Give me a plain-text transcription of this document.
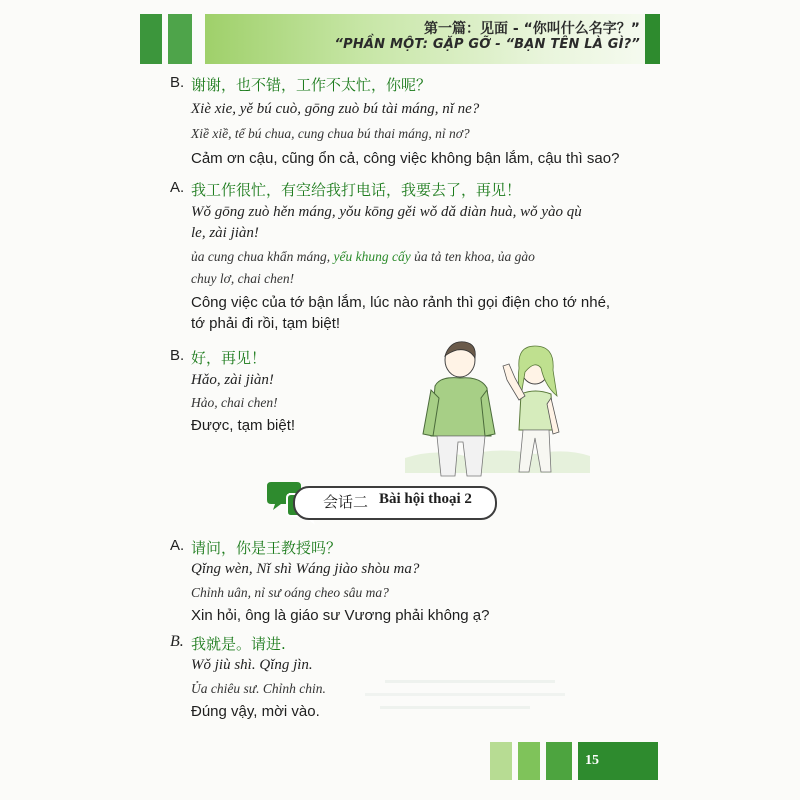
第一篇：见面 - “你叫什么名字？”
“PHẦN MỘT: GẶP GỠ - “BẠN TÊN LÀ GÌ?”
B. 谢谢，也不错，工作不太忙，你呢？
Xiè xie, yě bú cuò, gōng zuò bú tài máng, nǐ ne?
Xiề xiề, tể bú chua, cung chua bú thai máng, nỉ nơ?
Cảm ơn cậu, cũng ổn cả, công việc không bận lắm, cậu thì sao?
A. 我工作很忙，有空给我打电话，我要去了，再见！
Wǒ gōng zuò hěn máng, yǒu kōng gěi wǒ dǎ diàn huà, wǒ yào qù
le, zài jiàn!
ủa cung chua khẩn máng, yểu khung cấy ủa tả ten khoa, ủa gào
chuy lơ, chai chen!
Công việc của tớ bận lắm, lúc nào rảnh thì gọi điện cho tớ nhé,
tớ phải đi rồi, tạm biệt!
B. 好，再见！
Hǎo, zài jiàn!
Hảo, chai chen!
Được, tạm biệt!
会话二 Bài hội thoại 2
A. 请问，你是王教授吗？
Qǐng wèn, Nǐ shì Wáng jiào shòu ma?
Chỉnh uân, nỉ sư oáng cheo sâu ma?
Xin hỏi, ông là giáo sư Vương phải không ạ?
B. 我就是。请进.
Wǒ jiù shì. Qǐng jìn.
Ủa chiêu sư. Chỉnh chin.
Đúng vậy, mời vào.
15
